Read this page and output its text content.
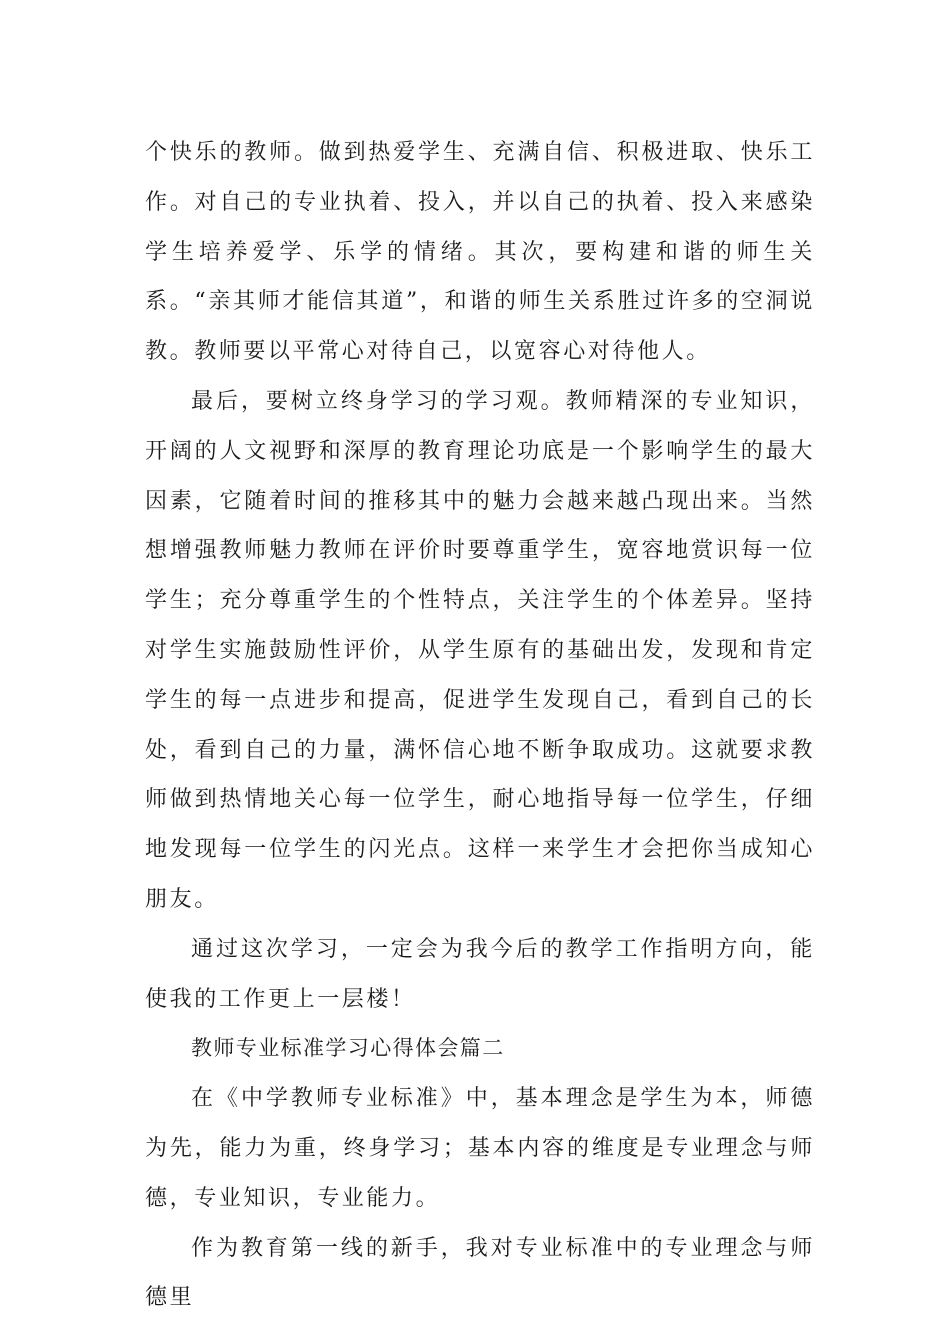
个快乐的教师。做到热爱学生、充满自信、积极进取、快乐工作。对自己的专业执着、投入，并以自己的执着、投入来感染学生培养爱学、乐学的情绪。其次，要构建和谐的师生关系。“亲其师才能信其道”，和谐的师生关系胜过许多的空洞说教。教师要以平常心对待自己，以宽容心对待他人。

最后，要树立终身学习的学习观。教师精深的专业知识，开阔的人文视野和深厚的教育理论功底是一个影响学生的最大因素，它随着时间的推移其中的魅力会越来越凸现出来。当然想增强教师魅力教师在评价时要尊重学生，宽容地赏识每一位学生；充分尊重学生的个性特点，关注学生的个体差异。坚持对学生实施鼓励性评价，从学生原有的基础出发，发现和肯定学生的每一点进步和提高，促进学生发现自己，看到自己的长处，看到自己的力量，满怀信心地不断争取成功。这就要求教师做到热情地关心每一位学生，耐心地指导每一位学生，仔细地发现每一位学生的闪光点。这样一来学生才会把你当成知心朋友。

通过这次学习，一定会为我今后的教学工作指明方向，能使我的工作更上一层楼！

教师专业标准学习心得体会篇二

在《中学教师专业标准》中，基本理念是学生为本，师德为先，能力为重，终身学习；基本内容的维度是专业理念与师德，专业知识，专业能力。

作为教育第一线的新手，我对专业标准中的专业理念与师德里
